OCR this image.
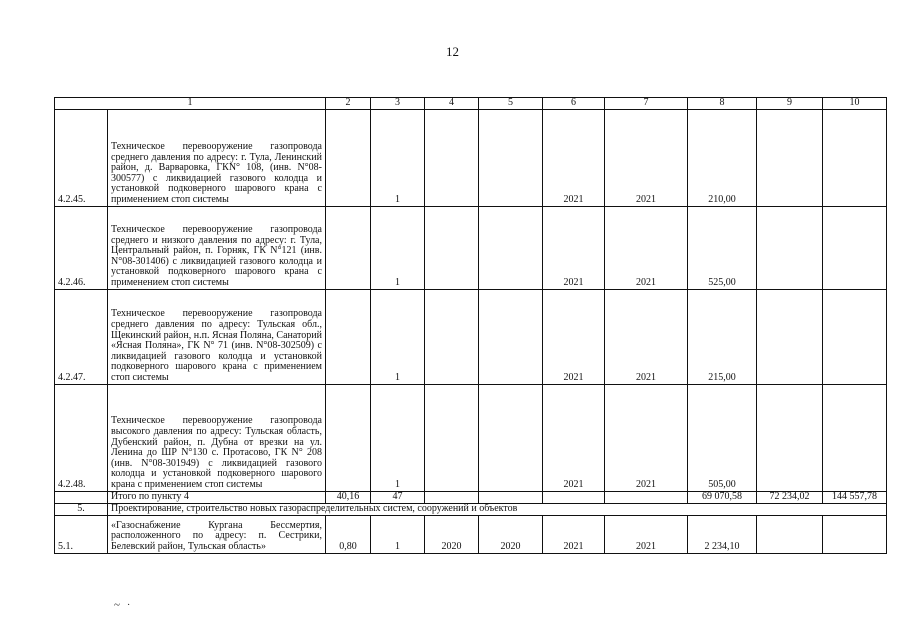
12
1		2	3	4	5	6	7	8	9	10
4.2.45.	Техническое перевооружение газопровода среднего давления по адресу: г. Тула, Ленинский район, д. Варваровка, ГКN° 108, (инв. N°08-300577) с ликвидацией газового колодца и установкой подковерного шарового крана с применением стоп системы		1			2021	2021	210,00		
4.2.46.	Техническое перевооружение газопровода среднего и низкого давления по адресу: г. Тула, Центральный район, п. Горняк, ГК N°121 (инв. N°08-301406) с ликвидацией газового колодца и установкой подковерного шарового крана с применением стоп системы		1			2021	2021	525,00		
4.2.47.	Техническое перевооружение газопровода среднего давления по адресу: Тульская обл., Щекинский район, н.п. Ясная Поляна, Санаторий «Ясная Поляна», ГК N° 71 (инв. N°08-302509) с ликвидацией газового колодца и установкой подковерного шарового крана с применением стоп системы		1			2021	2021	215,00		
4.2.48.	Техническое перевооружение газопровода высокого давления по адресу: Тульская область, Дубенский район, п. Дубна от врезки на ул. Ленина до ШР N°130 с. Протасово, ГК N° 208 (инв. N°08-301949) с ликвидацией газового колодца и установкой подковерного шарового крана с применением стоп системы		1			2021	2021	505,00		
	Итого по пункту 4	40,16	47					69 070,58	72 234,02	144 557,78
5.	Проектирование, строительство новых газораспределительных систем, сооружений и объектов									
5.1.	«Газоснабжение Кургана Бессмертия, расположенного по адресу: п. Сестрики, Белевский район, Тульская область»	0,80	1	2020	2020	2021	2021	2 234,10		
~ ·
